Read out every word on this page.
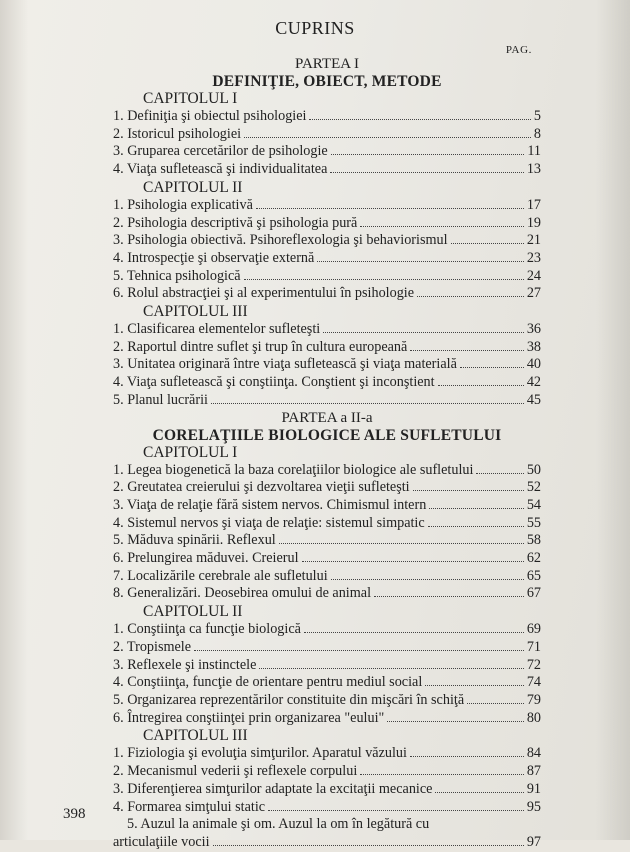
CUPRINS
PAG.
PARTEA I
DEFINIŢIE, OBIECT, METODE
CAPITOLUL I
1. Definiţia şi obiectul psihologiei	5
2. Istoricul psihologiei	8
3. Gruparea cercetărilor de psihologie	11
4. Viaţa sufletească şi individualitatea	13
CAPITOLUL II
1. Psihologia explicativă	17
2. Psihologia descriptivă şi psihologia pură	19
3. Psihologia obiectivă. Psihoreflexologia şi behaviorismul	21
4. Introspecţie şi observaţie externă	23
5. Tehnica psihologică	24
6. Rolul abstracţiei şi al experimentului în psihologie	27
CAPITOLUL III
1. Clasificarea elementelor sufleteşti	36
2. Raportul dintre suflet şi trup în cultura europeană	38
3. Unitatea originară între viaţa sufletească şi viaţa materială	40
4. Viaţa sufletească şi conştiinţa. Conştient şi inconştient	42
5. Planul lucrării	45
PARTEA a II-a
CORELAŢIILE BIOLOGICE ALE SUFLETULUI
CAPITOLUL I
1. Legea biogenetică la baza corelaţiilor biologice ale sufletului	50
2. Greutatea creierului şi dezvoltarea vieţii sufleteşti	52
3. Viaţa de relaţie fără sistem nervos. Chimismul intern	54
4. Sistemul nervos şi viaţa de relaţie: sistemul simpatic	55
5. Măduva spinării. Reflexul	58
6. Prelungirea măduvei. Creierul	62
7. Localizările cerebrale ale sufletului	65
8. Generalizări. Deosebirea omului de animal	67
CAPITOLUL II
1. Conştiinţa ca funcţie biologică	69
2. Tropismele	71
3. Reflexele şi instinctele	72
4. Conştiinţa, funcţie de orientare pentru mediul social	74
5. Organizarea reprezentărilor constituite din mişcări în schiţă	79
6. Întregirea conştiinţei prin organizarea "eului"	80
CAPITOLUL III
1. Fiziologia şi evoluţia simţurilor. Aparatul văzului	84
2. Mecanismul vederii şi reflexele corpului	87
3. Diferenţierea simţurilor adaptate la excitaţii mecanice	91
4. Formarea simţului static	95
5. Auzul la animale şi om. Auzul la om în legătură cu
articulaţiile vocii	97
398
